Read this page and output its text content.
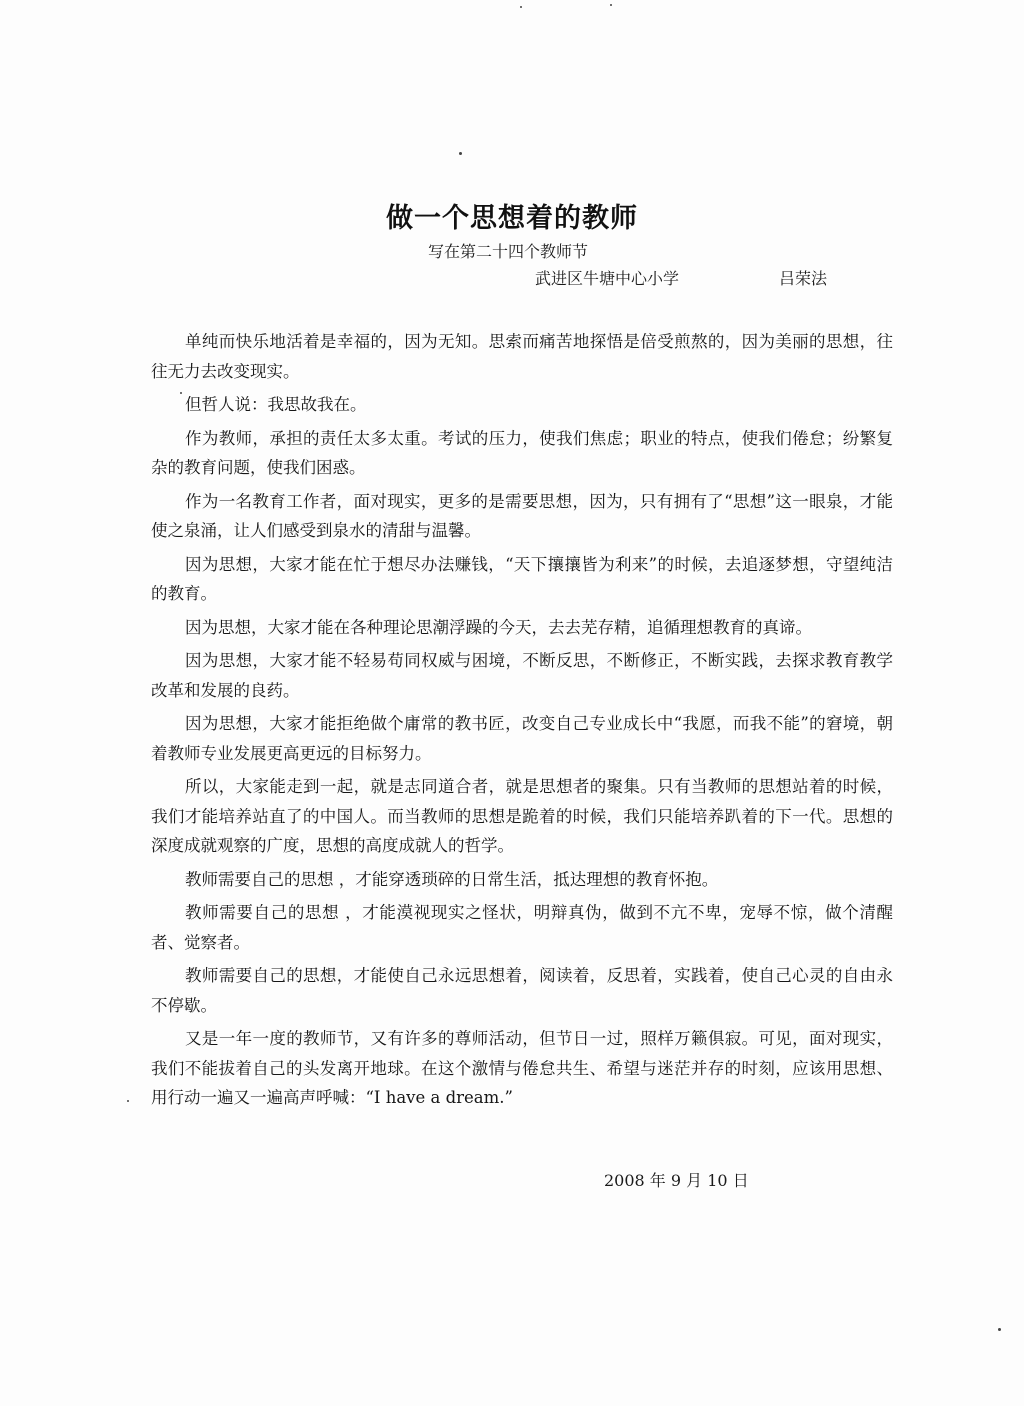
做一个思想着的教师

写在第二十四个教师节

武进区牛塘中心小学	吕荣法

单纯而快乐地活着是幸福的，因为无知。思索而痛苦地探悟是倍受煎熬的，因为美丽的思想，往往无力去改变现实。

但哲人说：我思故我在。

作为教师，承担的责任太多太重。考试的压力，使我们焦虑；职业的特点，使我们倦怠；纷繁复杂的教育问题，使我们困惑。

作为一名教育工作者，面对现实，更多的是需要思想，因为，只有拥有了“思想”这一眼泉，才能使之泉涌，让人们感受到泉水的清甜与温馨。

因为思想，大家才能在忙于想尽办法赚钱，“天下攘攘皆为利来”的时候，去追逐梦想，守望纯洁的教育。

因为思想，大家才能在各种理论思潮浮躁的今天，去去芜存精，追循理想教育的真谛。

因为思想，大家才能不轻易苟同权威与困境，不断反思，不断修正，不断实践，去探求教育教学改革和发展的良药。

因为思想，大家才能拒绝做个庸常的教书匠，改变自己专业成长中“我愿，而我不能”的窘境，朝着教师专业发展更高更远的目标努力。

所以，大家能走到一起，就是志同道合者，就是思想者的聚集。只有当教师的思想站着的时候，我们才能培养站直了的中国人。而当教师的思想是跪着的时候，我们只能培养趴着的下一代。思想的深度成就观察的广度，思想的高度成就人的哲学。

教师需要自己的思想 ，才能穿透琐碎的日常生活，抵达理想的教育怀抱。

教师需要自己的思想 ，才能漠视现实之怪状，明辩真伪，做到不亢不卑，宠辱不惊，做个清醒者、觉察者。

教师需要自己的思想，才能使自己永远思想着，阅读着，反思着，实践着，使自己心灵的自由永不停歇。

又是一年一度的教师节，又有许多的尊师活动，但节日一过，照样万籁俱寂。可见，面对现实，我们不能拔着自己的头发离开地球。在这个激情与倦怠共生、希望与迷茫并存的时刻，应该用思想、用行动一遍又一遍高声呼喊：“I have a dream.”

2008 年 9 月 10 日
